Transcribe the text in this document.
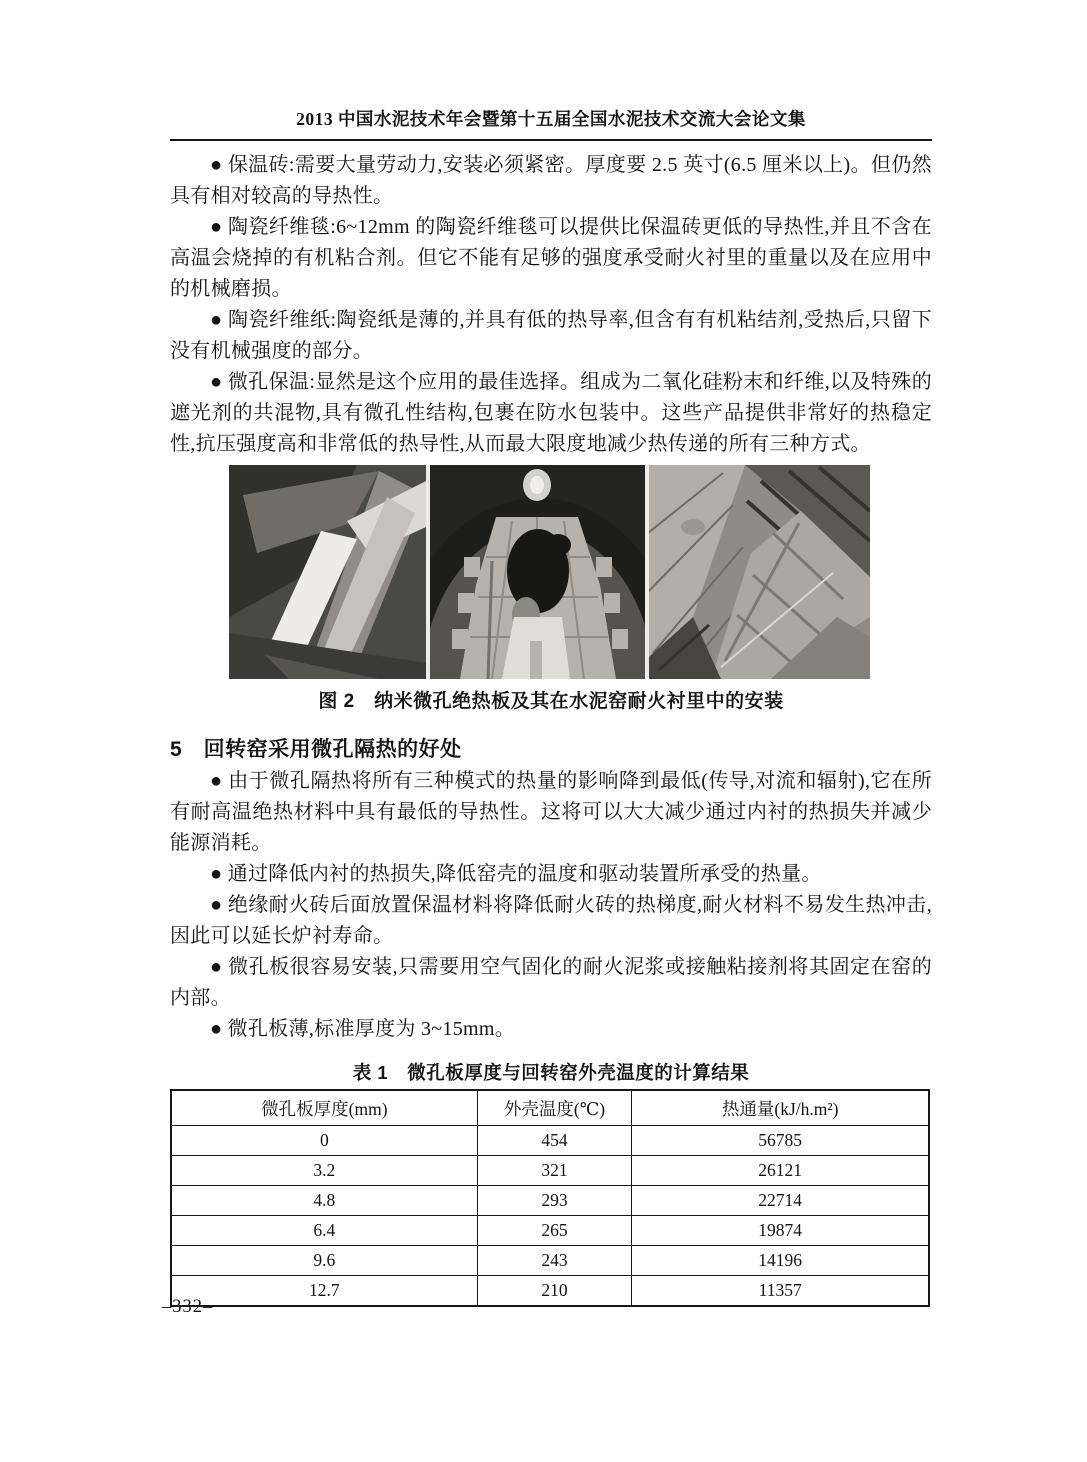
2013 中国水泥技术年会暨第十五届全国水泥技术交流大会论文集

● 保温砖:需要大量劳动力,安装必须紧密。厚度要 2.5 英寸(6.5 厘米以上)。但仍然具有相对较高的导热性。

● 陶瓷纤维毯:6~12mm 的陶瓷纤维毯可以提供比保温砖更低的导热性,并且不含在高温会烧掉的有机粘合剂。但它不能有足够的强度承受耐火衬里的重量以及在应用中的机械磨损。

● 陶瓷纤维纸:陶瓷纸是薄的,并具有低的热导率,但含有有机粘结剂,受热后,只留下没有机械强度的部分。

● 微孔保温:显然是这个应用的最佳选择。组成为二氧化硅粉末和纤维,以及特殊的遮光剂的共混物,具有微孔性结构,包裹在防水包装中。这些产品提供非常好的热稳定性,抗压强度高和非常低的热导性,从而最大限度地减少热传递的所有三种方式。

图 2　纳米微孔绝热板及其在水泥窑耐火衬里中的安装
5　回转窑采用微孔隔热的好处

● 由于微孔隔热将所有三种模式的热量的影响降到最低(传导,对流和辐射),它在所有耐高温绝热材料中具有最低的导热性。这将可以大大减少通过内衬的热损失并减少能源消耗。

● 通过降低内衬的热损失,降低窑壳的温度和驱动装置所承受的热量。

● 绝缘耐火砖后面放置保温材料将降低耐火砖的热梯度,耐火材料不易发生热冲击,因此可以延长炉衬寿命。

● 微孔板很容易安装,只需要用空气固化的耐火泥浆或接触粘接剂将其固定在窑的内部。

● 微孔板薄,标准厚度为 3~15mm。

表 1　微孔板厚度与回转窑外壳温度的计算结果
微孔板厚度(mm)	外壳温度(℃)	热通量(kJ/h.m²)
0	454	56785
3.2	321	26121
4.8	293	22714
6.4	265	19874
9.6	243	14196
12.7	210	11357
–332–
